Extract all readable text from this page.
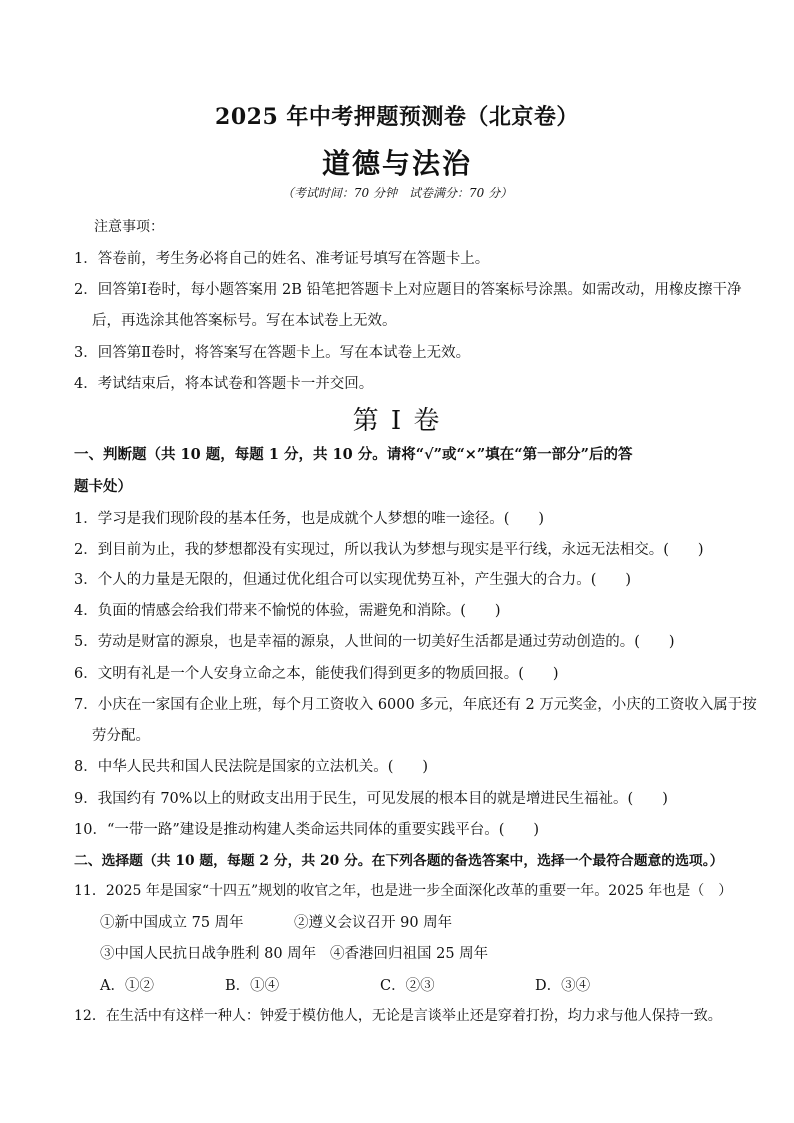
2025 年中考押题预测卷（北京卷）
道德与法治
（考试时间：70 分钟　试卷满分：70 分）
注意事项：
1．答卷前，考生务必将自己的姓名、准考证号填写在答题卡上。
2．回答第Ⅰ卷时，每小题答案用 2B 铅笔把答题卡上对应题目的答案标号涂黑。如需改动，用橡皮擦干净
后，再选涂其他答案标号。写在本试卷上无效。
3．回答第Ⅱ卷时，将答案写在答题卡上。写在本试卷上无效。
4．考试结束后，将本试卷和答题卡一并交回。
第 I 卷
一、判断题（共 10 题，每题 1 分，共 10 分。请将“√”或“×”填在“第一部分”后的答
题卡处）
1．学习是我们现阶段的基本任务，也是成就个人梦想的唯一途径。(　　)
2．到目前为止，我的梦想都没有实现过，所以我认为梦想与现实是平行线，永远无法相交。(　　)
3．个人的力量是无限的，但通过优化组合可以实现优势互补，产生强大的合力。(　　)
4．负面的情感会给我们带来不愉悦的体验，需避免和消除。(　　)
5．劳动是财富的源泉，也是幸福的源泉，人世间的一切美好生活都是通过劳动创造的。(　　)
6．文明有礼是一个人安身立命之本，能使我们得到更多的物质回报。(　　)
7．小庆在一家国有企业上班，每个月工资收入 6000 多元，年底还有 2 万元奖金，小庆的工资收入属于按
劳分配。
8．中华人民共和国人民法院是国家的立法机关。(　　)
9．我国约有 70%以上的财政支出用于民生，可见发展的根本目的就是增进民生福祉。(　　)
10．“一带一路”建设是推动构建人类命运共同体的重要实践平台。(　　)
二、选择题（共 10 题，每题 2 分，共 20 分。在下列各题的备选答案中，选择一个最符合题意的选项。）
11．2025 年是国家“十四五”规划的收官之年，也是进一步全面深化改革的重要一年。2025 年也是（　）
①新中国成立 75 周年	②遵义会议召开 90 周年
③中国人民抗日战争胜利 80 周年 ④香港回归祖国 25 周年
A．①②	B．①④	C．②③	D．③④
12．在生活中有这样一种人：钟爱于模仿他人，无论是言谈举止还是穿着打扮，均力求与他人保持一致。
